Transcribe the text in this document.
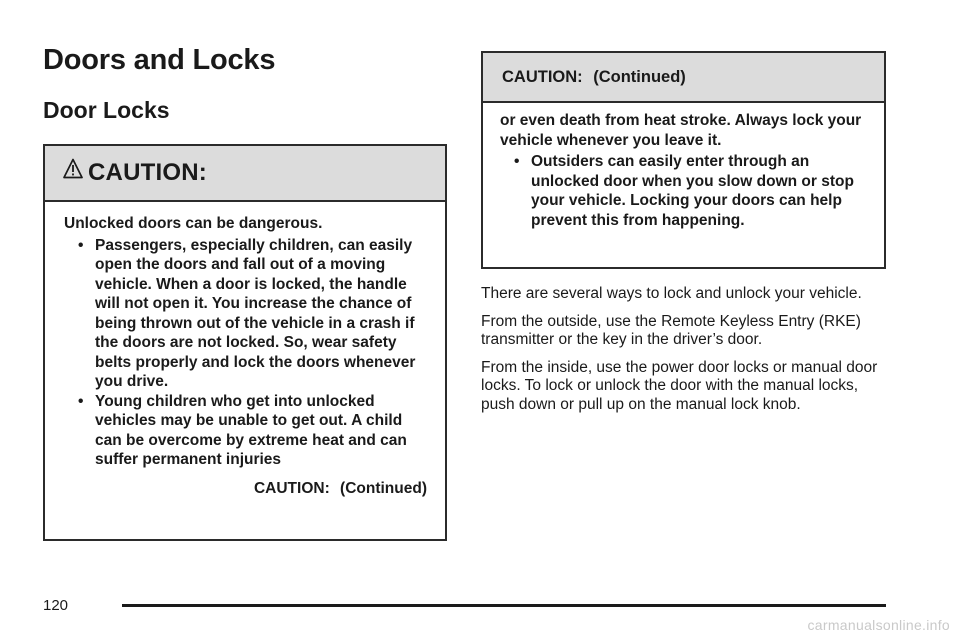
Doors and Locks
Door Locks
CAUTION:

Unlocked doors can be dangerous.

• Passengers, especially children, can easily open the doors and fall out of a moving vehicle. When a door is locked, the handle will not open it. You increase the chance of being thrown out of the vehicle in a crash if the doors are not locked. So, wear safety belts properly and lock the doors whenever you drive.
• Young children who get into unlocked vehicles may be unable to get out. A child can be overcome by extreme heat and can suffer permanent injuries
CAUTION: (Continued)
CAUTION: (Continued)

or even death from heat stroke. Always lock your vehicle whenever you leave it.

• Outsiders can easily enter through an unlocked door when you slow down or stop your vehicle. Locking your doors can help prevent this from happening.

There are several ways to lock and unlock your vehicle.

From the outside, use the Remote Keyless Entry (RKE) transmitter or the key in the driver’s door.

From the inside, use the power door locks or manual door locks. To lock or unlock the door with the manual locks, push down or pull up on the manual lock knob.

120
carmanualsonline.info
